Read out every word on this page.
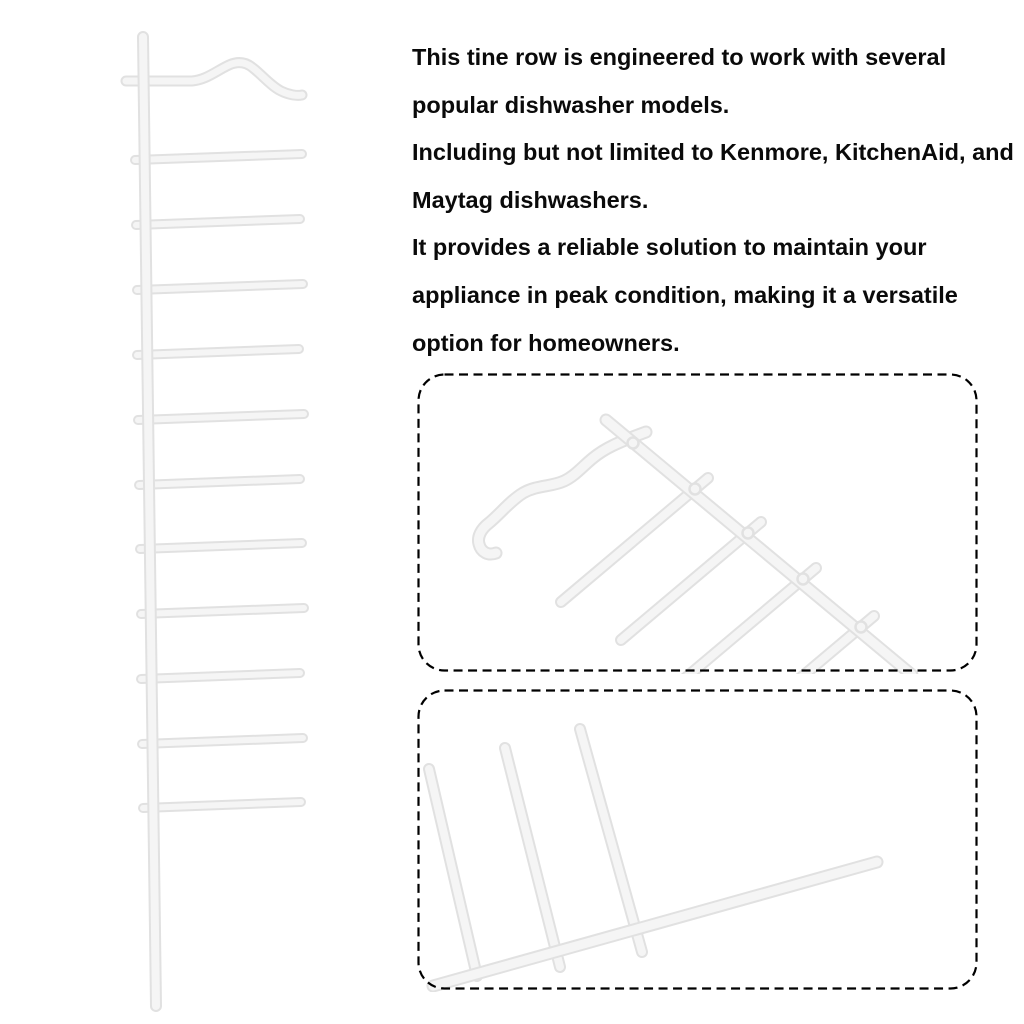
This tine row is engineered to work with several popular dishwasher models.

Including but not limited to Kenmore, KitchenAid, and Maytag dishwashers.

It provides a reliable solution to maintain your appliance in peak condition, making it a versatile option for homeowners.
